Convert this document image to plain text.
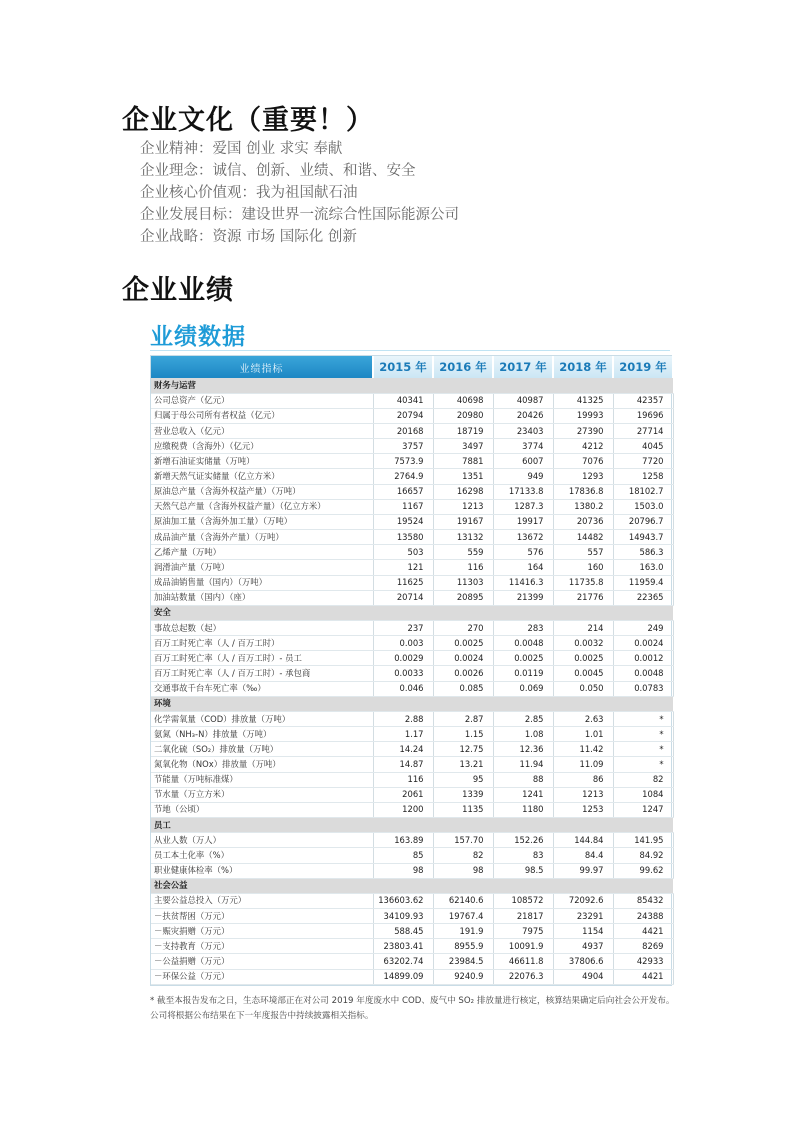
企业文化（重要！）
企业精神：爱国 创业 求实 奉献
企业理念：诚信、创新、业绩、和谐、安全
企业核心价值观：我为祖国献石油
企业发展目标：建设世界一流综合性国际能源公司
企业战略：资源 市场 国际化 创新
企业业绩
业绩数据
业绩指标	2015 年	2016 年	2017 年	2018 年	2019 年
财务与运营					
公司总资产（亿元）	40341	40698	40987	41325	42357
归属于母公司所有者权益（亿元）	20794	20980	20426	19993	19696
营业总收入（亿元）	20168	18719	23403	27390	27714
应缴税费（含海外）（亿元）	3757	3497	3774	4212	4045
新增石油证实储量（万吨）	7573.9	7881	6007	7076	7720
新增天然气证实储量（亿立方米）	2764.9	1351	949	1293	1258
原油总产量（含海外权益产量）（万吨）	16657	16298	17133.8	17836.8	18102.7
天然气总产量（含海外权益产量）（亿立方米）	1167	1213	1287.3	1380.2	1503.0
原油加工量（含海外加工量）（万吨）	19524	19167	19917	20736	20796.7
成品油产量（含海外产量）（万吨）	13580	13132	13672	14482	14943.7
乙烯产量（万吨）	503	559	576	557	586.3
润滑油产量（万吨）	121	116	164	160	163.0
成品油销售量（国内）（万吨）	11625	11303	11416.3	11735.8	11959.4
加油站数量（国内）（座）	20714	20895	21399	21776	22365
安全					
事故总起数（起）	237	270	283	214	249
百万工时死亡率（人 / 百万工时）	0.003	0.0025	0.0048	0.0032	0.0024
百万工时死亡率（人 / 百万工时）- 员工	0.0029	0.0024	0.0025	0.0025	0.0012
百万工时死亡率（人 / 百万工时）- 承包商	0.0033	0.0026	0.0119	0.0045	0.0048
交通事故千台车死亡率（‰）	0.046	0.085	0.069	0.050	0.0783
环境					
化学需氧量（COD）排放量（万吨）	2.88	2.87	2.85	2.63	*
氨氮（NH₃-N）排放量（万吨）	1.17	1.15	1.08	1.01	*
二氧化硫（SO₂）排放量（万吨）	14.24	12.75	12.36	11.42	*
氮氧化物（NOx）排放量（万吨）	14.87	13.21	11.94	11.09	*
节能量（万吨标准煤）	116	95	88	86	82
节水量（万立方米）	2061	1339	1241	1213	1084
节地（公顷）	1200	1135	1180	1253	1247
员工					
从业人数（万人）	163.89	157.70	152.26	144.84	141.95
员工本土化率（%）	85	82	83	84.4	84.92
职业健康体检率（%）	98	98	98.5	99.97	99.62
社会公益					
主要公益总投入（万元）	136603.62	62140.6	108572	72092.6	85432
－扶贫帮困（万元）	34109.93	19767.4	21817	23291	24388
－赈灾捐赠（万元）	588.45	191.9	7975	1154	4421
－支持教育（万元）	23803.41	8955.9	10091.9	4937	8269
－公益捐赠（万元）	63202.74	23984.5	46611.8	37806.6	42933
－环保公益（万元）	14899.09	9240.9	22076.3	4904	4421
* 截至本报告发布之日，生态环境部正在对公司 2019 年度废水中 COD、废气中 SO₂ 排放量进行核定，核算结果确定后向社会公开发布。公司将根据公布结果在下一年度报告中持续披露相关指标。
